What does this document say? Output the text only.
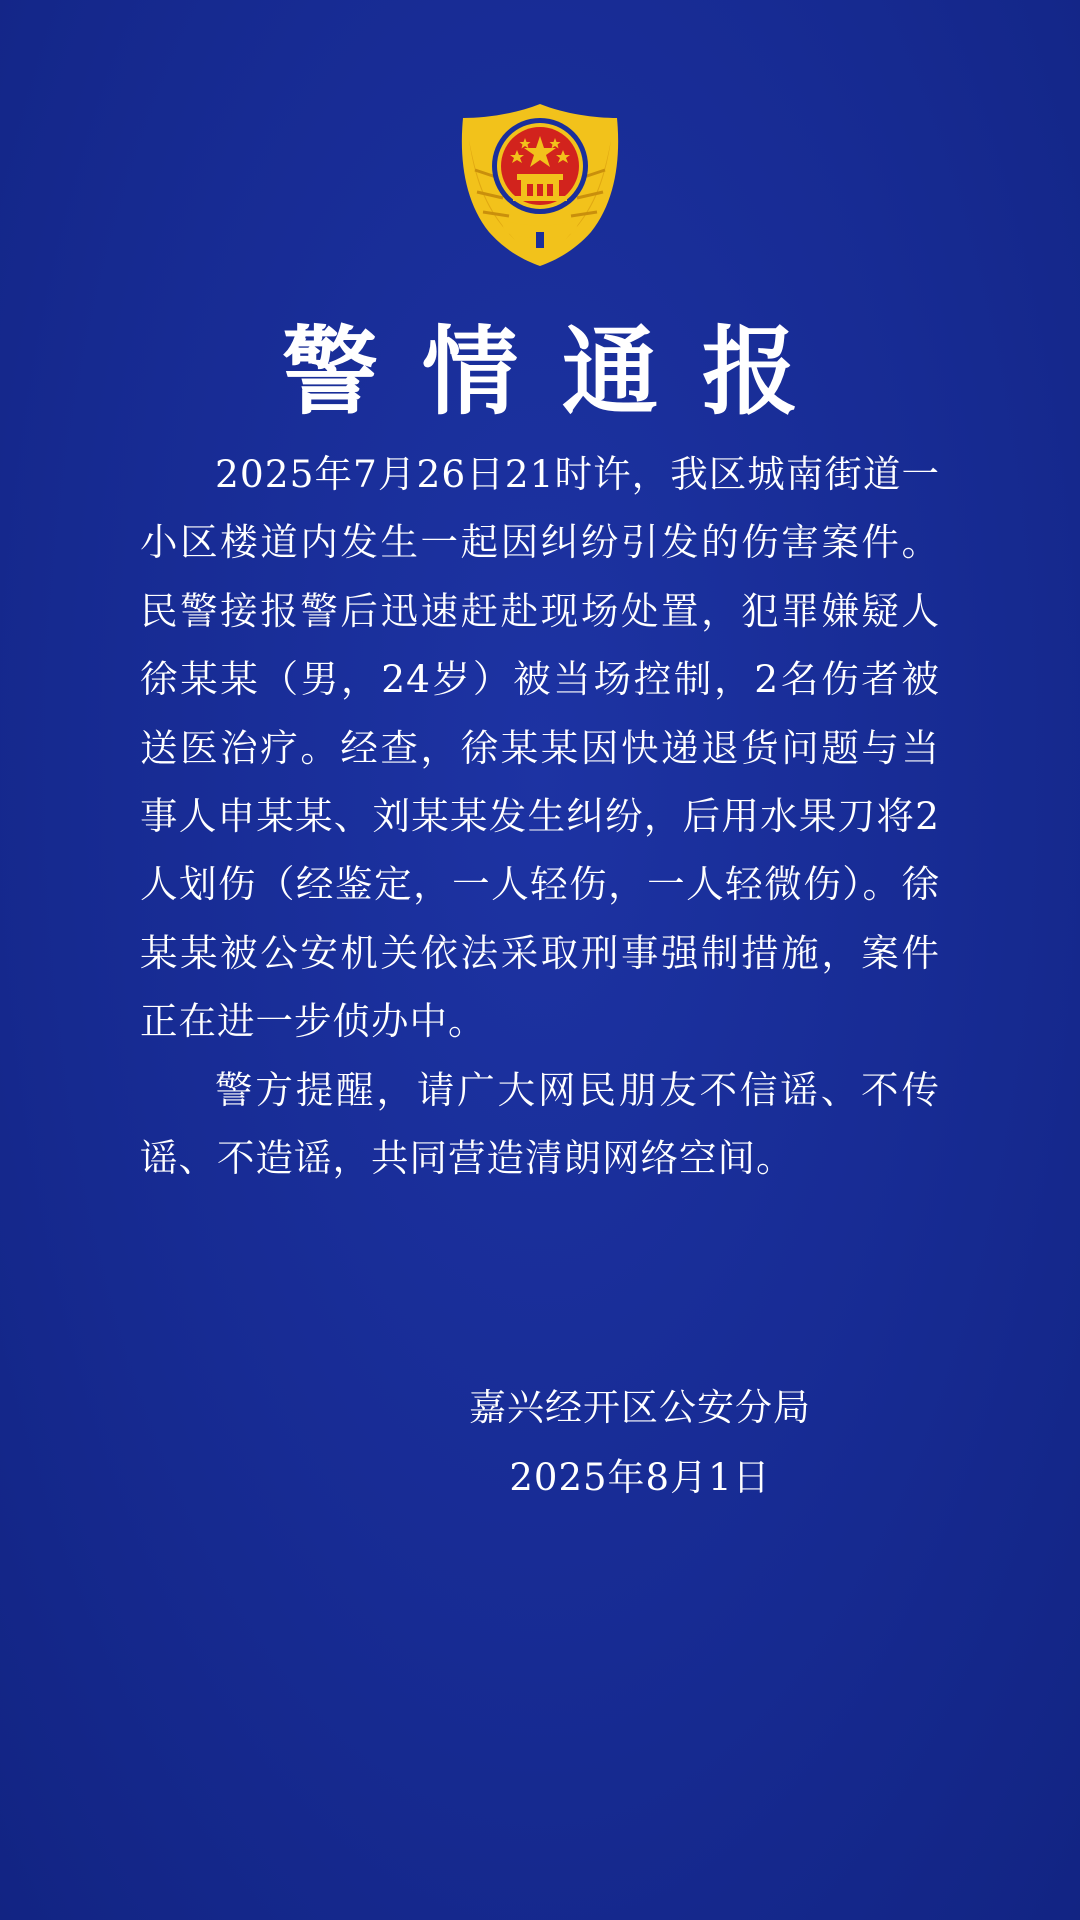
警情通报

2025年7月26日21时许，我区城南街道一小区楼道内发生一起因纠纷引发的伤害案件。民警接报警后迅速赶赴现场处置，犯罪嫌疑人徐某某（男，24岁）被当场控制，2名伤者被送医治疗。经查，徐某某因快递退货问题与当事人申某某、刘某某发生纠纷，后用水果刀将2人划伤（经鉴定，一人轻伤，一人轻微伤）。徐某某被公安机关依法采取刑事强制措施，案件正在进一步侦办中。

警方提醒，请广大网民朋友不信谣、不传谣、不造谣，共同营造清朗网络空间。

嘉兴经开区公安分局
2025年8月1日
